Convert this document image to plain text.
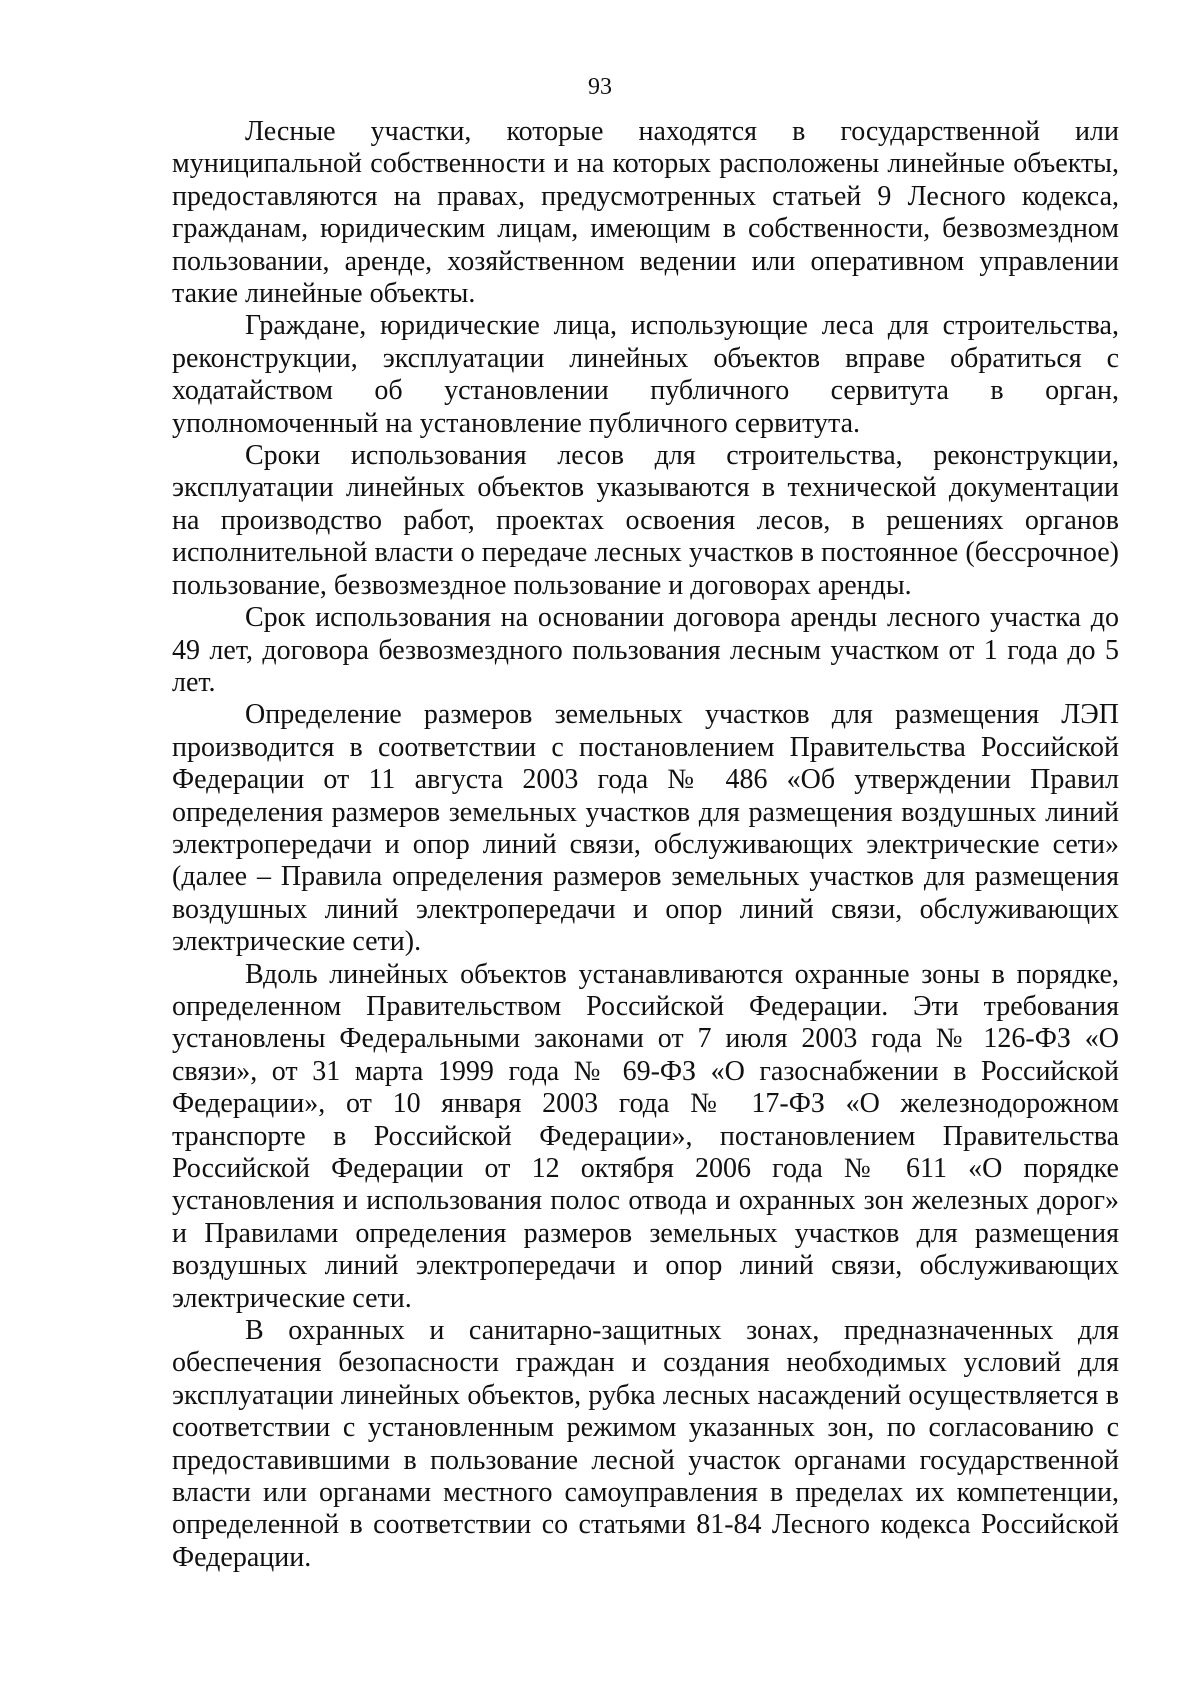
93

Лесные участки, которые находятся в государственной или муниципальной собственности и на которых расположены линейные объекты, предоставляются на правах, предусмотренных статьей 9 Лесного кодекса, гражданам, юридическим лицам, имеющим в собственности, безвозмездном пользовании, аренде, хозяйственном ведении или оперативном управлении такие линейные объекты.

Граждане, юридические лица, использующие леса для строительства, реконструкции, эксплуатации линейных объектов вправе обратиться с ходатайством об установлении публичного сервитута в орган, уполномоченный на установление публичного сервитута.

Сроки использования лесов для строительства, реконструкции, эксплуатации линейных объектов указываются в технической документации на производство работ, проектах освоения лесов, в решениях органов исполнительной власти о передаче лесных участков в постоянное (бессрочное) пользование, безвозмездное пользование и договорах аренды.

Срок использования на основании договора аренды лесного участка до 49 лет, договора безвозмездного пользования лесным участком от 1 года до 5 лет.

Определение размеров земельных участков для размещения ЛЭП производится в соответствии с постановлением Правительства Российской Федерации от 11 августа 2003 года № 486 «Об утверждении Правил определения размеров земельных участков для размещения воздушных линий электропередачи и опор линий связи, обслуживающих электрические сети» (далее – Правила определения размеров земельных участков для размещения воздушных линий электропередачи и опор линий связи, обслуживающих электрические сети).

Вдоль линейных объектов устанавливаются охранные зоны в порядке, определенном Правительством Российской Федерации. Эти требования установлены Федеральными законами от 7 июля 2003 года № 126-ФЗ «О связи», от 31 марта 1999 года № 69-ФЗ «О газоснабжении в Российской Федерации», от 10 января 2003 года № 17-ФЗ «О железнодорожном транспорте в Российской Федерации», постановлением Правительства Российской Федерации от 12 октября 2006 года № 611 «О порядке установления и использования полос отвода и охранных зон железных дорог» и Правилами определения размеров земельных участков для размещения воздушных линий электропередачи и опор линий связи, обслуживающих электрические сети.

В охранных и санитарно-защитных зонах, предназначенных для обеспечения безопасности граждан и создания необходимых условий для эксплуатации линейных объектов, рубка лесных насаждений осуществляется в соответствии с установленным режимом указанных зон, по согласованию с предоставившими в пользование лесной участок органами государственной власти или органами местного самоуправления в пределах их компетенции, определенной в соответствии со статьями 81-84 Лесного кодекса Российской Федерации.
